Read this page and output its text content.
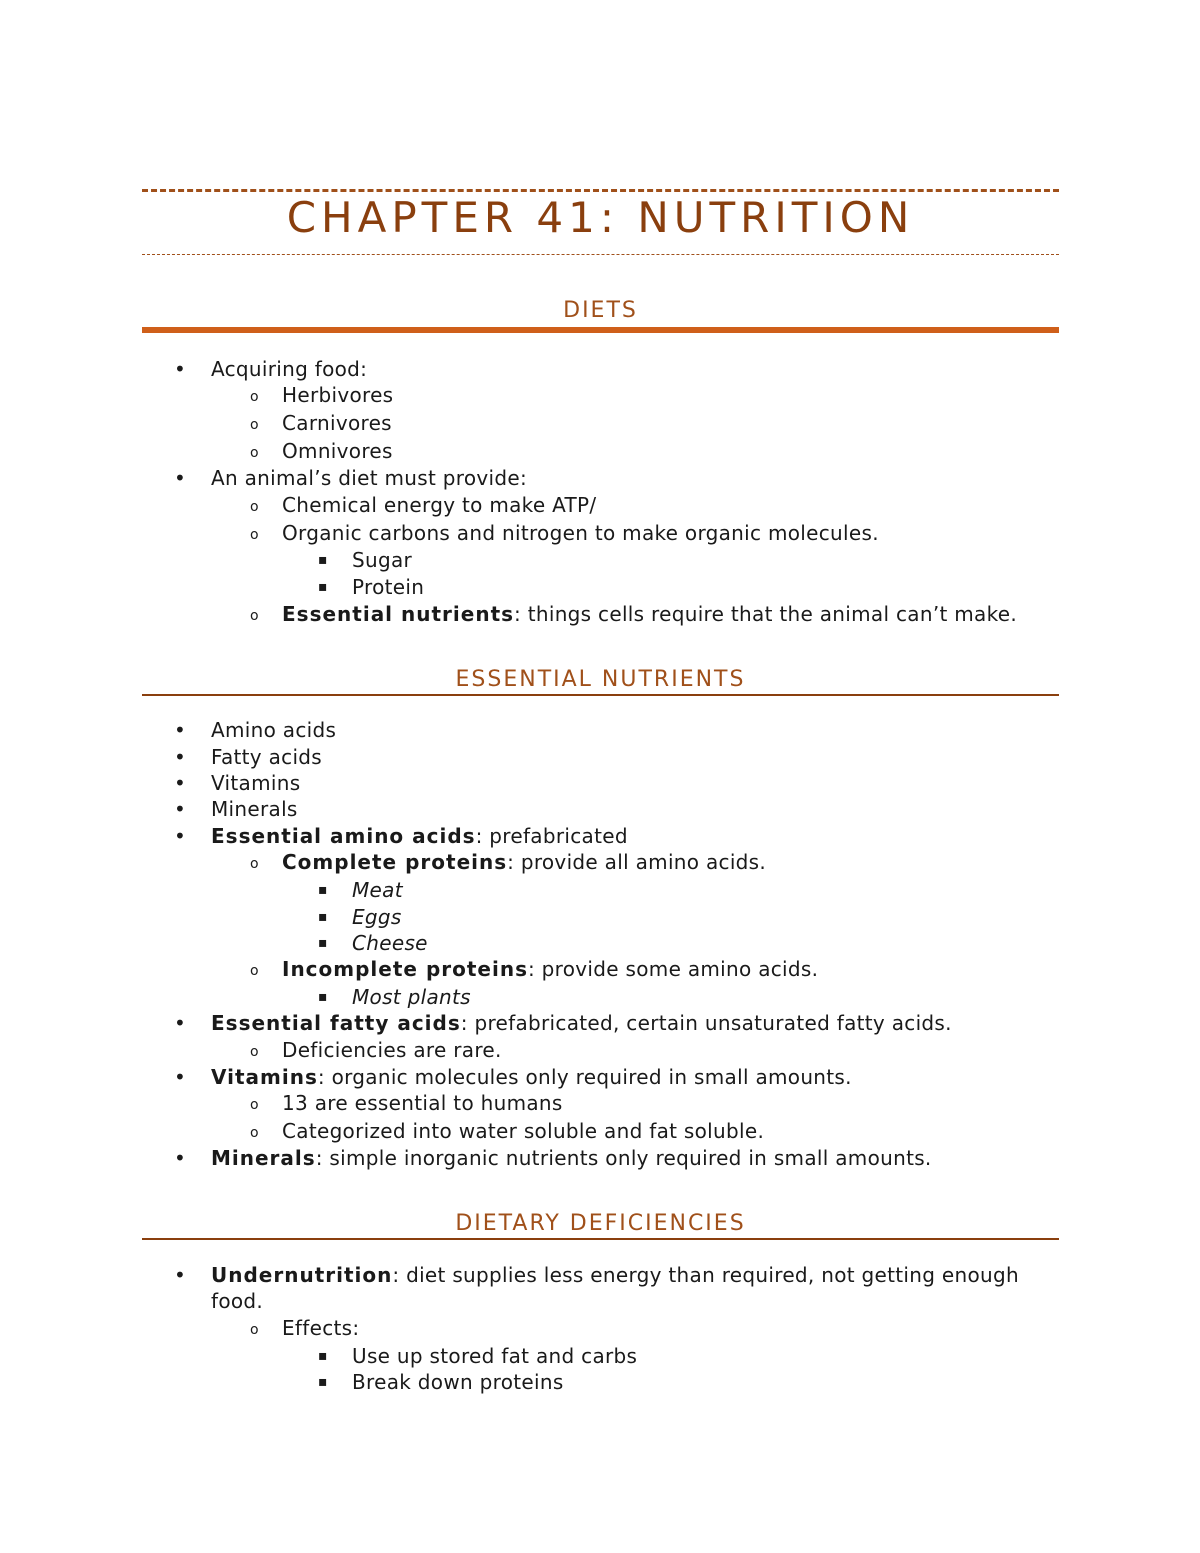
CHAPTER 41: NUTRITION
DIETS
• Acquiring food:
o Herbivores
o Carnivores
o Omnivores
• An animal’s diet must provide:
o Chemical energy to make ATP/
o Organic carbons and nitrogen to make organic molecules.
▪ Sugar
▪ Protein
o Essential nutrients: things cells require that the animal can’t make.
ESSENTIAL NUTRIENTS
• Amino acids
• Fatty acids
• Vitamins
• Minerals
• Essential amino acids: prefabricated
o Complete proteins: provide all amino acids.
▪ Meat
▪ Eggs
▪ Cheese
o Incomplete proteins: provide some amino acids.
▪ Most plants
• Essential fatty acids: prefabricated, certain unsaturated fatty acids.
o Deficiencies are rare.
• Vitamins: organic molecules only required in small amounts.
o 13 are essential to humans
o Categorized into water soluble and fat soluble.
• Minerals: simple inorganic nutrients only required in small amounts.
DIETARY DEFICIENCIES
• Undernutrition: diet supplies less energy than required, not getting enough food.
o Effects:
▪ Use up stored fat and carbs
▪ Break down proteins
